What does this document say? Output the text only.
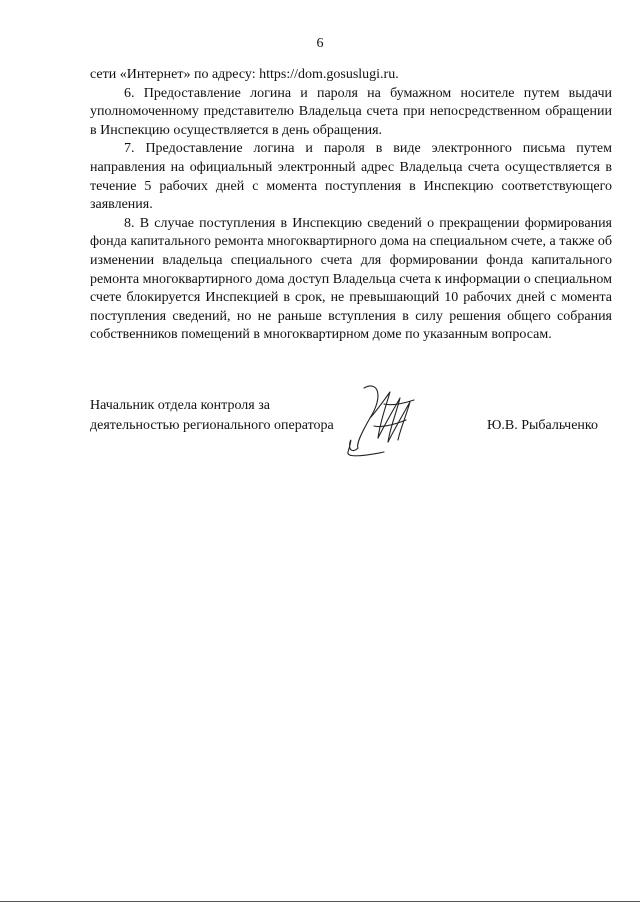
6

сети «Интернет» по адресу: https://dom.gosuslugi.ru.

6. Предоставление логина и пароля на бумажном носителе путем выдачи уполномоченному представителю Владельца счета при непосредственном обращении в Инспекцию осуществляется в день обращения.

7. Предоставление логина и пароля в виде электронного письма путем направления на официальный электронный адрес Владельца счета осуществляется в течение 5 рабочих дней с момента поступления в Инспекцию соответствующего заявления.

8. В случае поступления в Инспекцию сведений о прекращении формирования фонда капитального ремонта многоквартирного дома на специальном счете, а также об изменении владельца специального счета для формировании фонда капитального ремонта многоквартирного дома доступ Владельца счета к информации о специальном счете блокируется Инспекцией в срок, не превышающий 10 рабочих дней с момента поступления сведений, но не раньше вступления в силу решения общего собрания собственников помещений в многоквартирном доме по указанным вопросам.

Начальник отдела контроля за
деятельностью регионального оператора	Ю.В. Рыбальченко
